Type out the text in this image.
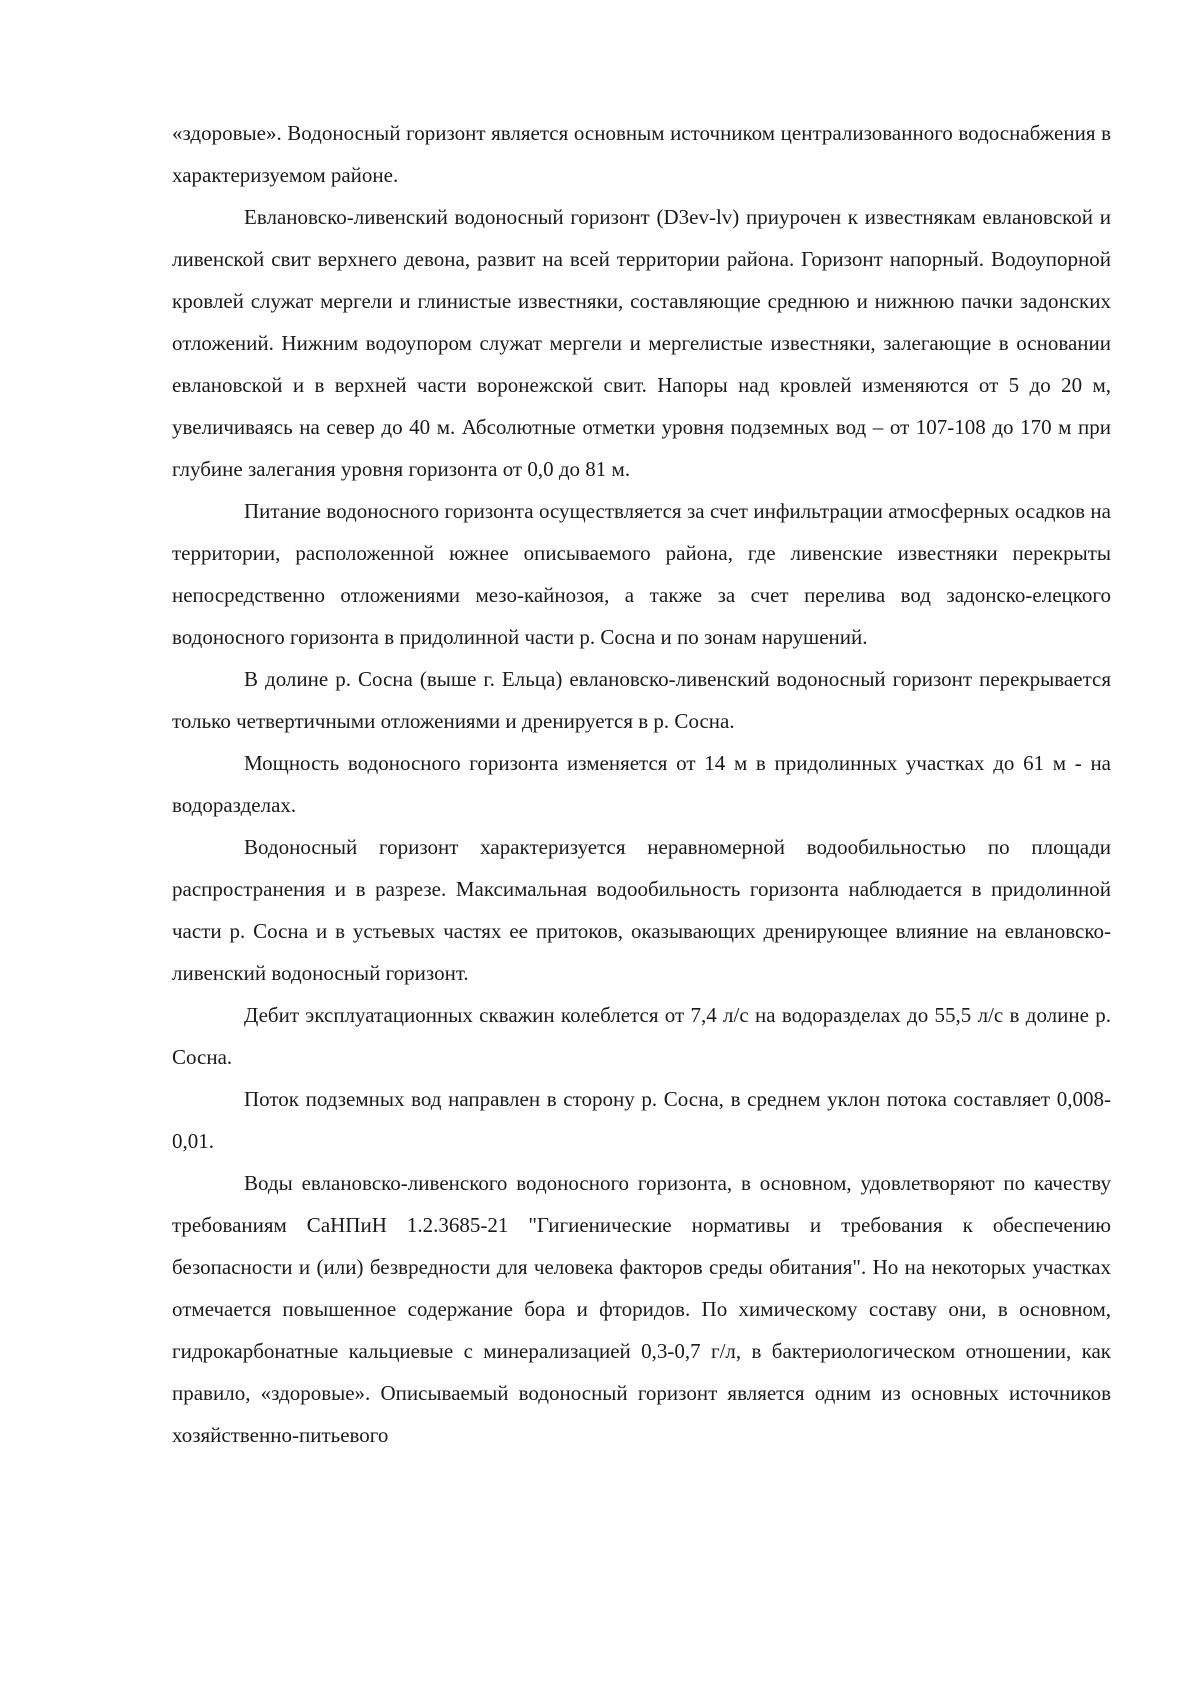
«здоровые». Водоносный горизонт является основным источником централизованного водоснабжения в характеризуемом районе.

Евлановско-ливенский водоносный горизонт (D3ev-lv) приурочен к известнякам евлановской и ливенской свит верхнего девона, развит на всей территории района. Горизонт напорный. Водоупорной кровлей служат мергели и глинистые известняки, составляющие среднюю и нижнюю пачки задонских отложений. Нижним водоупором служат мергели и мергелистые известняки, залегающие в основании евлановской и в верхней части воронежской свит. Напоры над кровлей изменяются от 5 до 20 м, увеличиваясь на север до 40 м. Абсолютные отметки уровня подземных вод – от 107-108 до 170 м при глубине залегания уровня горизонта от 0,0 до 81 м.

Питание водоносного горизонта осуществляется за счет инфильтрации атмосферных осадков на территории, расположенной южнее описываемого района, где ливенские известняки перекрыты непосредственно отложениями мезо-кайнозоя, а также за счет перелива вод задонско-елецкого водоносного горизонта в придолинной части р. Сосна и по зонам нарушений.

В долине р. Сосна (выше г. Ельца) евлановско-ливенский водоносный горизонт перекрывается только четвертичными отложениями и дренируется в р. Сосна.

Мощность водоносного горизонта изменяется от 14 м в придолинных участках до 61 м - на водоразделах.

Водоносный горизонт характеризуется неравномерной водообильностью по площади распространения и в разрезе. Максимальная водообильность горизонта наблюдается в придолинной части р. Сосна и в устьевых частях ее притоков, оказывающих дренирующее влияние на евлановско-ливенский водоносный горизонт.

Дебит эксплуатационных скважин колеблется от 7,4 л/с на водоразделах до 55,5 л/с в долине р. Сосна.

Поток подземных вод направлен в сторону р. Сосна, в среднем уклон потока составляет 0,008-0,01.

Воды евлановско-ливенского водоносного горизонта, в основном, удовлетворяют по качеству требованиям СаНПиН 1.2.3685-21 "Гигиенические нормативы и требования к обеспечению безопасности и (или) безвредности для человека факторов среды обитания". Но на некоторых участках отмечается повышенное содержание бора и фторидов. По химическому составу они, в основном, гидрокарбонатные кальциевые с минерализацией 0,3-0,7 г/л, в бактериологическом отношении, как правило, «здоровые». Описываемый водоносный горизонт является одним из основных источников хозяйственно-питьевого
